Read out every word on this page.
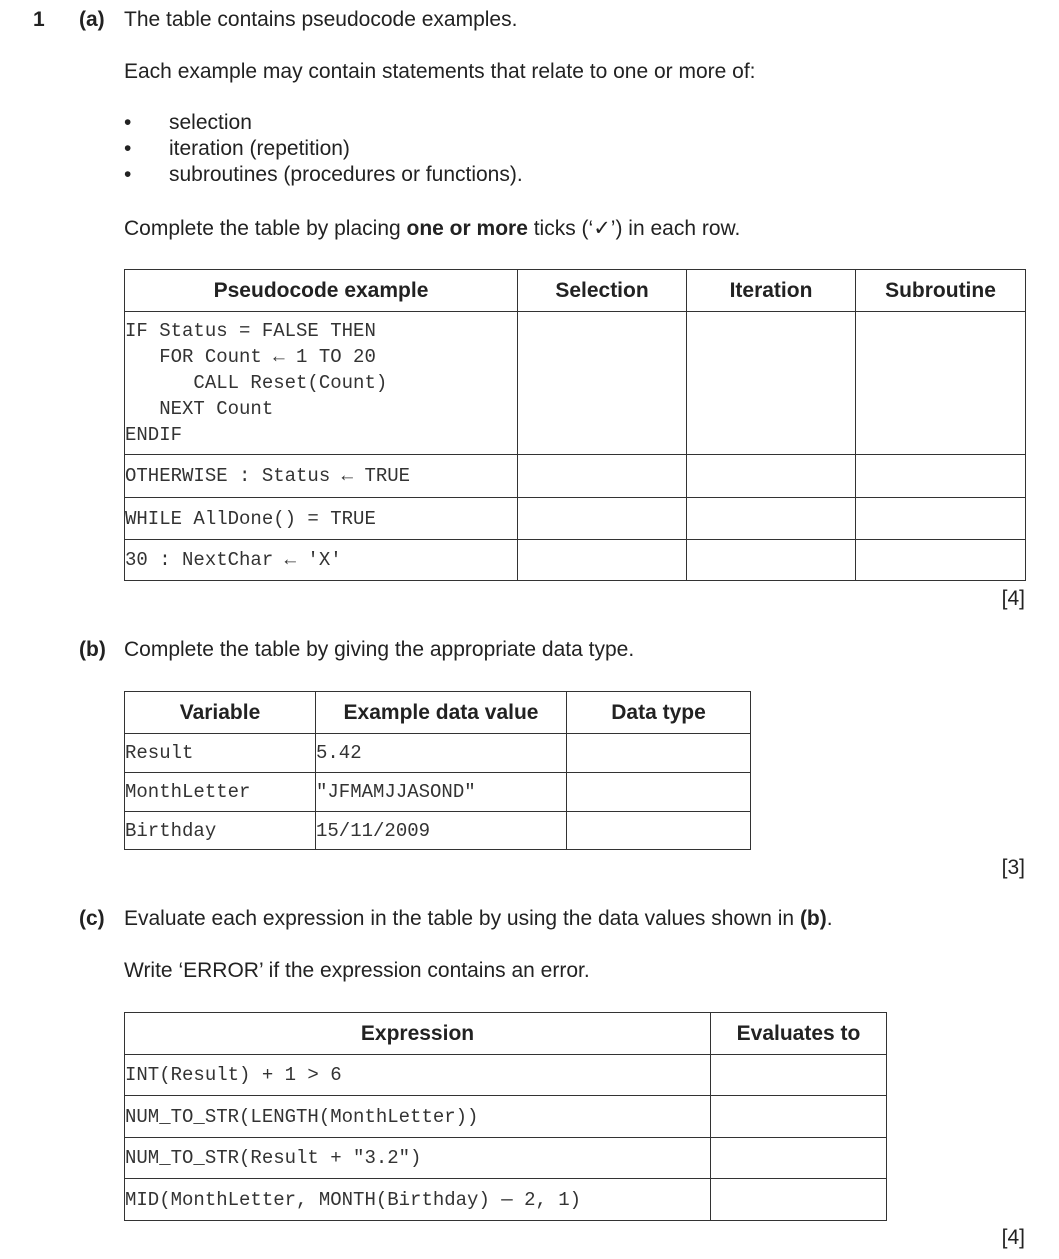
1 (a) The table contains pseudocode examples.
Each example may contain statements that relate to one or more of:
• selection
• iteration (repetition)
• subroutines (procedures or functions).
Complete the table by placing one or more ticks (‘✓’) in each row.
Pseudocode example	Selection	Iteration	Subroutine

IF Status = FALSE THEN
FOR Count ← 1 TO 20
CALL Reset(Count)
NEXT Count
ENDIF			

OTHERWISE : Status ← TRUE			
WHILE AllDone() = TRUE			
30 : NextChar ← 'X'			
[4]
(b) Complete the table by giving the appropriate data type.
Variable	Example data value	Data type
Result	5.42	
MonthLetter	"JFMAMJJASOND"	
Birthday	15/11/2009	
[3]
(c) Evaluate each expression in the table by using the data values shown in (b).
Write ‘ERROR’ if the expression contains an error.
Expression	Evaluates to
INT(Result) + 1 > 6	
NUM_TO_STR(LENGTH(MonthLetter))	
NUM_TO_STR(Result + "3.2")	
MID(MonthLetter, MONTH(Birthday) — 2, 1)	
[4]
